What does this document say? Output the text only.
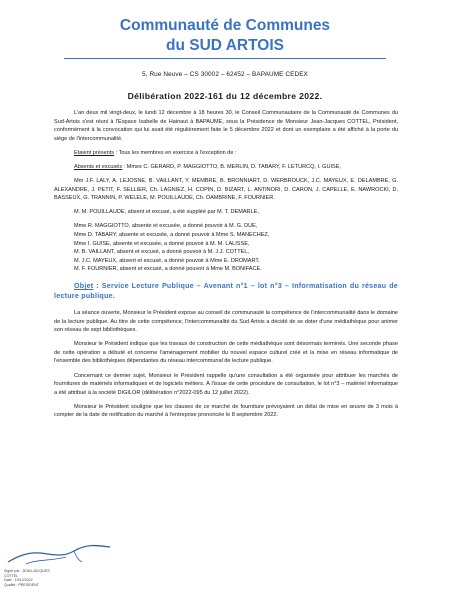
Communauté de Communes
du SUD ARTOIS
5, Rue Neuve – CS 30002 – 62452 – BAPAUME CEDEX
Délibération 2022-161 du 12 décembre 2022.

L'an deux mil vingt-deux, le lundi 12 décembre à 18 heures 30, le Conseil Communautaire de la Communauté de Communes du Sud-Artois s'est réuni à l'Espace Isabelle de Hainaut à BAPAUME, sous la Présidence de Monsieur Jean-Jacques COTTEL, Président, conformément à la convocation qui lui avait été régulièrement faite le 5 décembre 2022 et dont un exemplaire a été affiché à la porte du siège de l'intercommunalité.

Etaient présents : Tous les membres en exercice à l'exception de :

Absents et excusés : Mmes C. GERARD, P. MAGGIOTTO, B. MERLIN, D. TABARY, F. LETURCQ, I. GUISE,

Mm J.F. LALY, A. LEJOSNE, B. VAILLANT, Y. MEMBRE, B. BRONNIART, D. WERBROUCK, J.C. MAYEUX, E. DELAMBRE, G. ALEXANDRE, J. PETIT, F. SELLIER, Ch. LAGNIEZ, H. COPIN, D. BIZART, L. ANTINORI, D. CARON, J. CAPELLE, E. NAWROCKI, D. BASSEUX, G. TRANNIN, P. WELELE, M. POUILLAUDE, Ch. DAMBRINE, F. FOURNIER.

M. M. POUILLAUDE, absent et excusé, a été suppléé par M. T. DEMARLE,

Mme R. MAGGIOTTO, absente et excusée, a donné pouvoir à M. G. DUE,
Mme D. TABARY, absente et excusée, a donné pouvoir à Mme S. MANECHEZ,
Mme I. GUISE, absente et excusée, a donné pouvoir à M. M. LALISSE,
M. B. VAILLANT, absent et excusé, a donné pouvoir à M. J.J. COTTEL,
M. J.C. MAYEUX, absent et excusé, a donné pouvoir à Mme E. DROMART,
M. F. FOURNIER, absent et excusé, a donné pouvoir à Mme M. BONIFACE.

Objet : Service Lecture Publique – Avenant n°1 – lot n°3 – Informatisation du réseau de lecture publique.

La séance ouverte, Monsieur le Président expose au conseil de communauté la compétence de l'intercommunalité dans le domaine de la lecture publique. Au titre de cette compétence, l'intercommunalité du Sud Artois a décidé de se doter d'une médiathèque pour animer son réseau de sept bibliothèques.

Monsieur le Président indique que les travaux de construction de cette médiathèque sont désormais terminés. Une seconde phase de cette opération a débuté et concerne l'aménagement mobilier du nouvel espace culturel créé et la mise en réseau informatique de l'ensemble des bibliothèques dépendantes du réseau intercommunal de lecture publique.

Concernant ce dernier sujet, Monsieur le Président rappelle qu'une consultation a été organisée pour attribuer les marchés de fournitures de matériels informatiques et de logiciels métiers. À l'issue de cette procédure de consultation, le lot n°3 – matériel informatique a été attribué à la société DIGILOR (délibération n°2022-095 du 12 juillet 2022).

Monsieur le Président souligne que les clauses de ce marché de fourniture prévoyaient un délai de mise en œuvre de 3 mois à compter de la date de notification du marché à l'entreprise prononcée le 8 septembre 2022.

Signé par : JEAN-JACQUES
COTTEL
Date : 19/12/2022
Qualité : PRESIDENT
